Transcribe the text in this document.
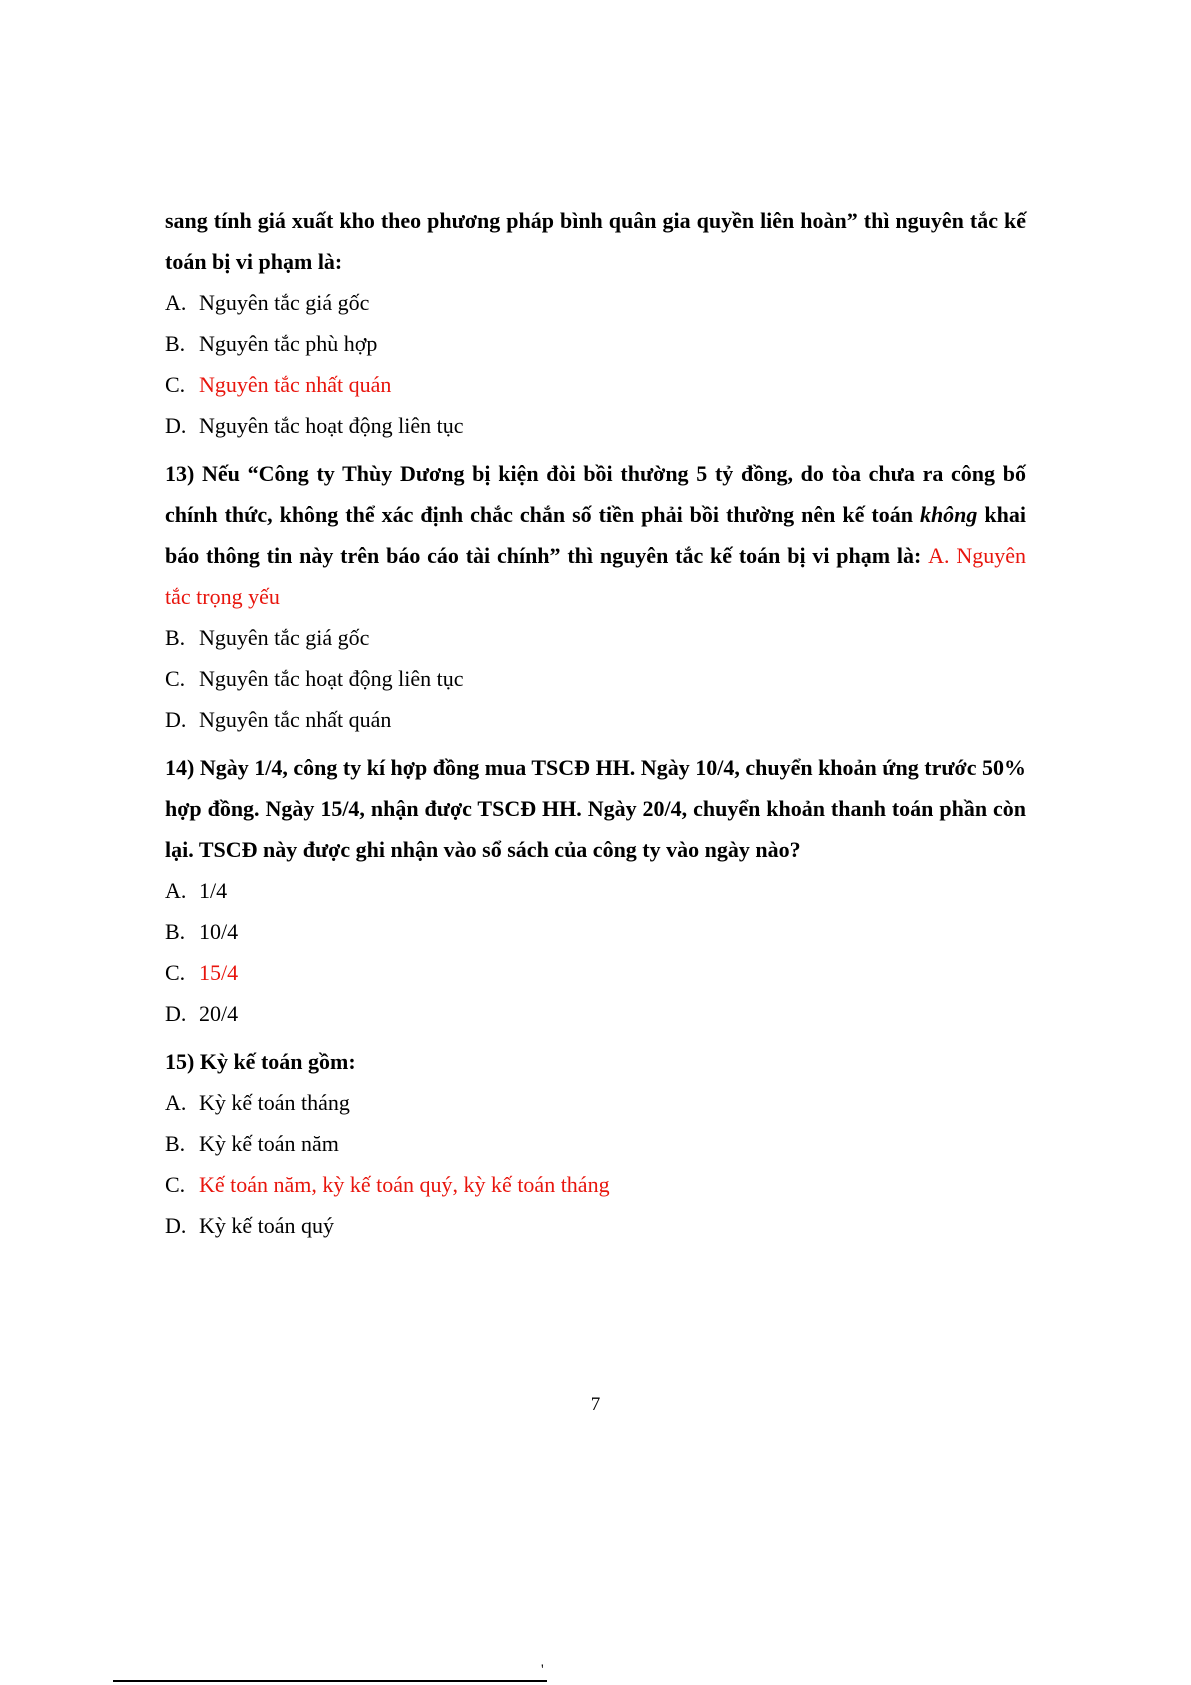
sang tính giá xuất kho theo phương pháp bình quân gia quyền liên hoàn” thì nguyên tắc kế toán bị vi phạm là:

A. Nguyên tắc giá gốc

B. Nguyên tắc phù hợp

C. Nguyên tắc nhất quán

D. Nguyên tắc hoạt động liên tục

13) Nếu “Công ty Thùy Dương bị kiện đòi bồi thường 5 tỷ đồng, do tòa chưa ra công bố chính thức, không thể xác định chắc chắn số tiền phải bồi thường nên kế toán không khai báo thông tin này trên báo cáo tài chính” thì nguyên tắc kế toán bị vi phạm là: A. Nguyên tắc trọng yếu

B. Nguyên tắc giá gốc

C. Nguyên tắc hoạt động liên tục

D. Nguyên tắc nhất quán

14) Ngày 1/4, công ty kí hợp đồng mua TSCĐ HH. Ngày 10/4, chuyển khoản ứng trước 50% hợp đồng. Ngày 15/4, nhận được TSCĐ HH. Ngày 20/4, chuyển khoản thanh toán phần còn lại. TSCĐ này được ghi nhận vào sổ sách của công ty vào ngày nào?

A. 1/4

B. 10/4

C. 15/4

D. 20/4

15) Kỳ kế toán gồm:

A. Kỳ kế toán tháng

B. Kỳ kế toán năm

C. Kế toán năm, kỳ kế toán quý, kỳ kế toán tháng

D. Kỳ kế toán quý

7
'
